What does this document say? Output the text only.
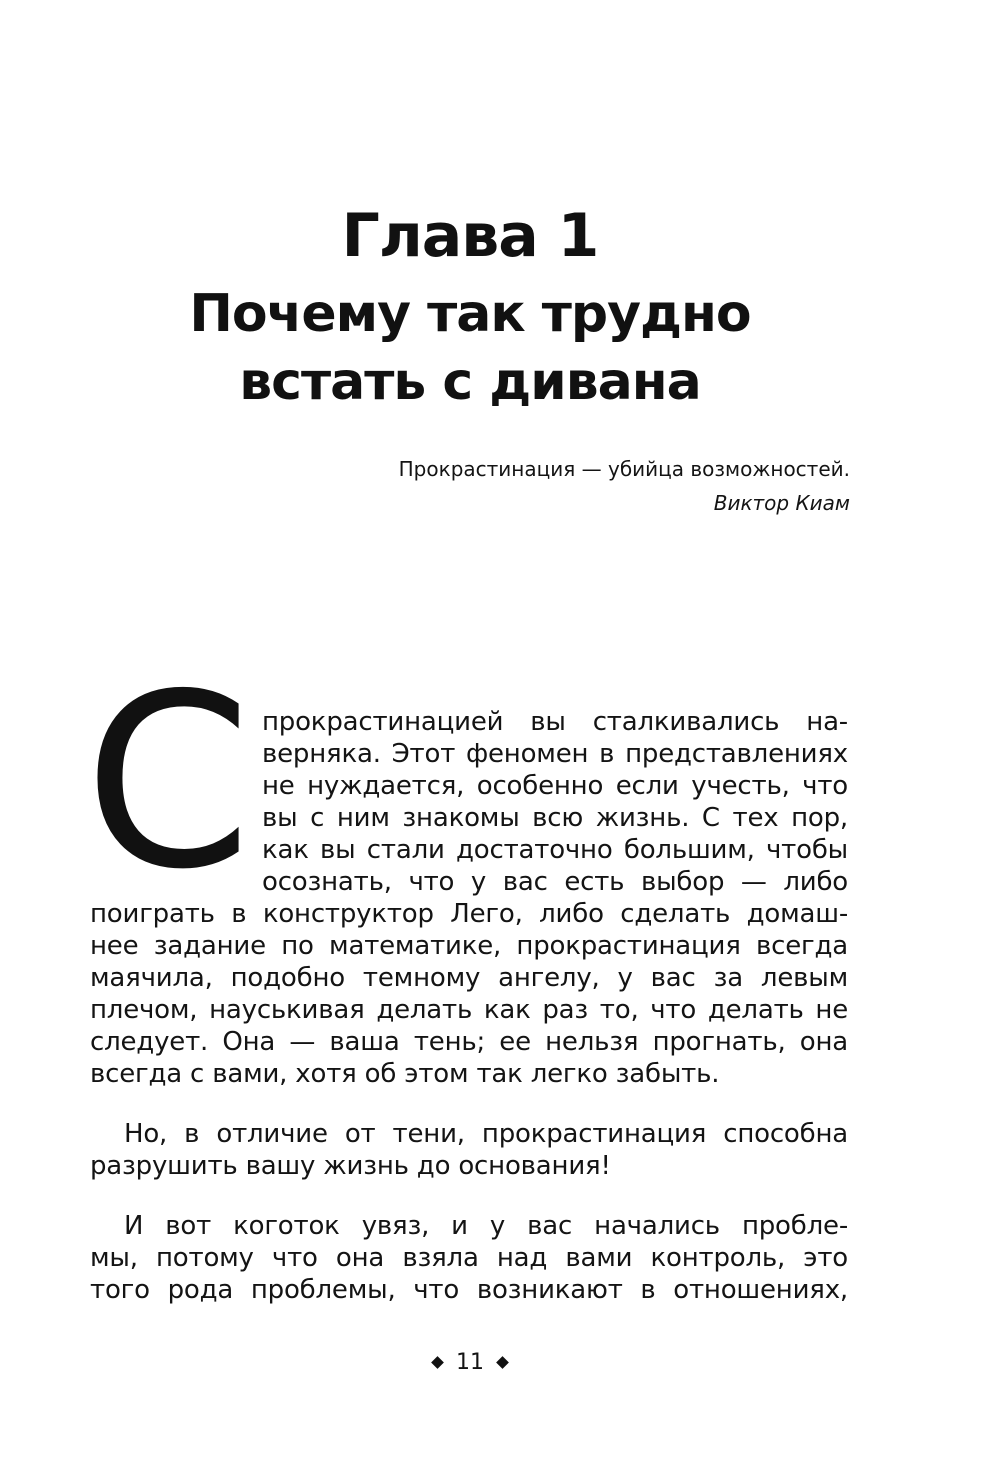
Глава 1
Почему так трудно
встать с дивана
Прокрастинация — убийца возможностей.
Виктор Киам
С прокрастинацией вы сталкивались на-
верняка. Этот феномен в представлениях
не нуждается, особенно если учесть, что
вы с ним знакомы всю жизнь. С тех пор,
как вы стали достаточно большим, чтобы
осознать, что у вас есть выбор — либо
поиграть в конструктор Лего, либо сделать домаш-
нее задание по математике, прокрастинация всегда
маячила, подобно темному ангелу, у вас за левым
плечом, науськивая делать как раз то, что делать не
следует. Она — ваша тень; ее нельзя прогнать, она
всегда с вами, хотя об этом так легко забыть.
Но, в отличие от тени, прокрастинация способна
разрушить вашу жизнь до основания!
И вот коготок увяз, и у вас начались пробле-
мы, потому что она взяла над вами контроль, это
того рода проблемы, что возникают в отношениях,
11
